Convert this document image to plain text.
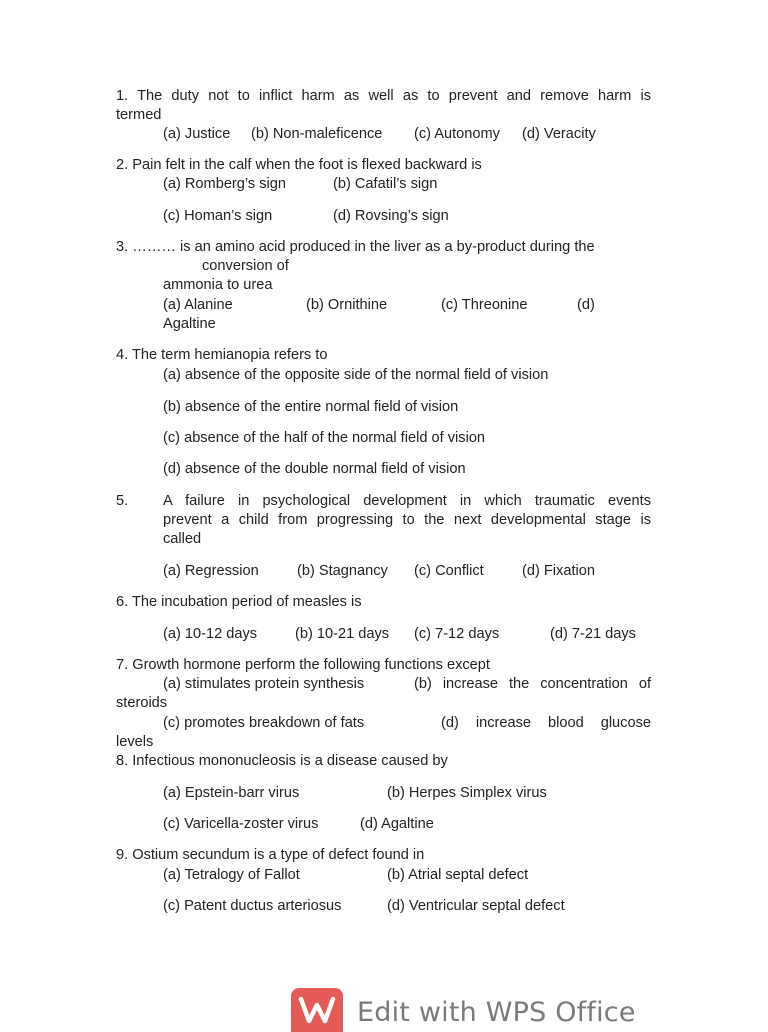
1. The duty not to inflict harm as well as to prevent and remove harm is
termed
(a) Justice (b) Non-maleficence (c) Autonomy (d) Veracity
2. Pain felt in the calf when the foot is flexed backward is
(a) Romberg’s sign	(b) Cafatil’s sign
(c) Homan’s sign	(d) Rovsing’s sign
3. ……… is an amino acid produced in the liver as a by-product during the
conversion of
ammonia to urea
(a) Alanine	(b) Ornithine	(c) Threonine	(d)
Agaltine
4. The term hemianopia refers to
(a) absence of the opposite side of the normal field of vision
(b) absence of the entire normal field of vision
(c) absence of the half of the normal field of vision
(d) absence of the double normal field of vision
5. A failure in psychological development in which traumatic events
prevent a child from progressing to the next developmental stage is
called
(a) Regression	(b) Stagnancy (c) Conflict	(d) Fixation
6. The incubation period of measles is
(a) 10-12 days	(b) 10-21 days (c) 7-12 days	(d) 7-21 days
7. Growth hormone perform the following functions except
(a) stimulates protein synthesis	(b) increase the concentration of
steroids
(c) promotes breakdown of fats	(d) increase blood glucose
levels
8. Infectious mononucleosis is a disease caused by
(a) Epstein-barr virus	(b) Herpes Simplex virus
(c) Varicella-zoster virus	(d) Agaltine
9. Ostium secundum is a type of defect found in
(a) Tetralogy of Fallot	(b) Atrial septal defect
(c) Patent ductus arteriosus	(d) Ventricular septal defect
Edit with WPS Office
